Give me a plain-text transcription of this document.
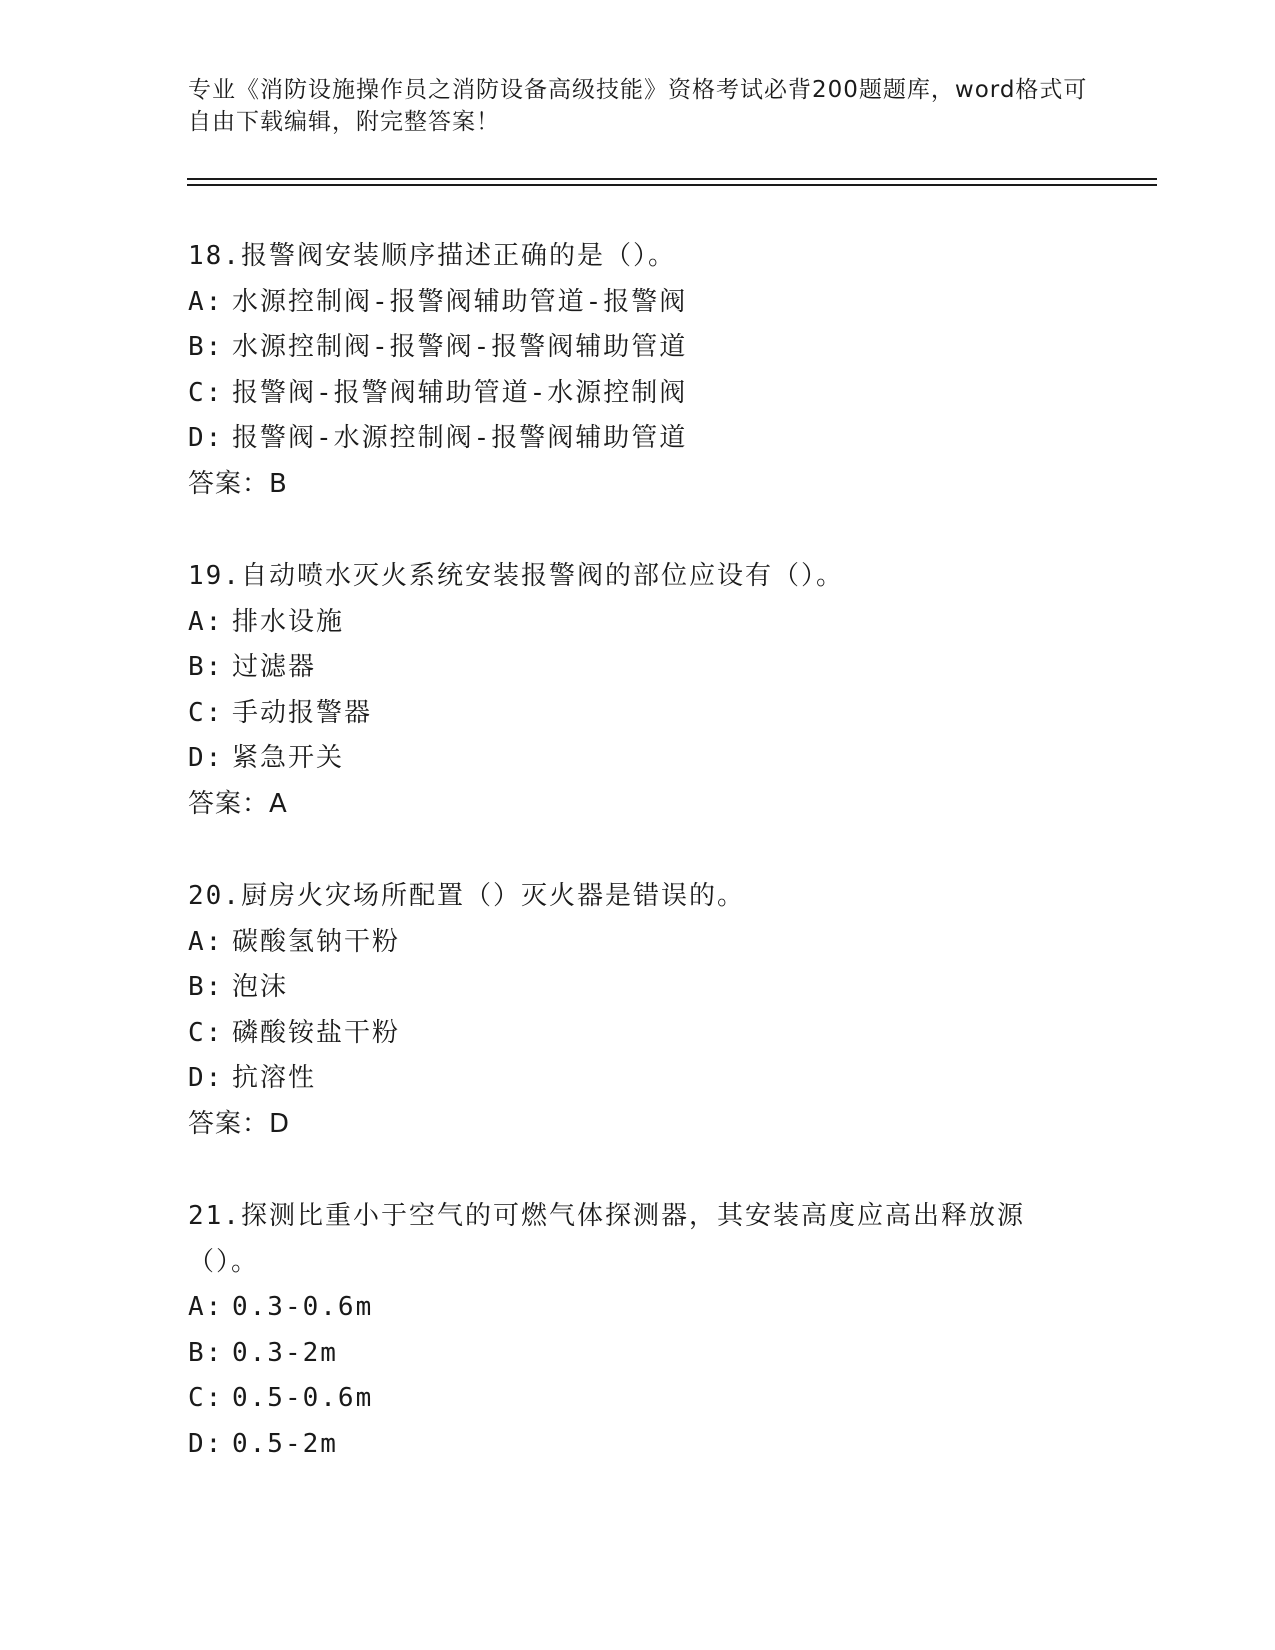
专业《消防设施操作员之消防设备高级技能》资格考试必背200题题库，word格式可自由下载编辑，附完整答案！
18.报警阀安装顺序描述正确的是（）。
A: 水源控制阀-报警阀辅助管道-报警阀
B: 水源控制阀-报警阀-报警阀辅助管道
C: 报警阀-报警阀辅助管道-水源控制阀
D: 报警阀-水源控制阀-报警阀辅助管道
答案：B
19.自动喷水灭火系统安装报警阀的部位应设有（）。
A: 排水设施
B: 过滤器
C: 手动报警器
D: 紧急开关
答案：A
20.厨房火灾场所配置（）灭火器是错误的。
A: 碳酸氢钠干粉
B: 泡沫
C: 磷酸铵盐干粉
D: 抗溶性
答案：D
21.探测比重小于空气的可燃气体探测器，其安装高度应高出释放源（）。
A: 0.3-0.6m
B: 0.3-2m
C: 0.5-0.6m
D: 0.5-2m
